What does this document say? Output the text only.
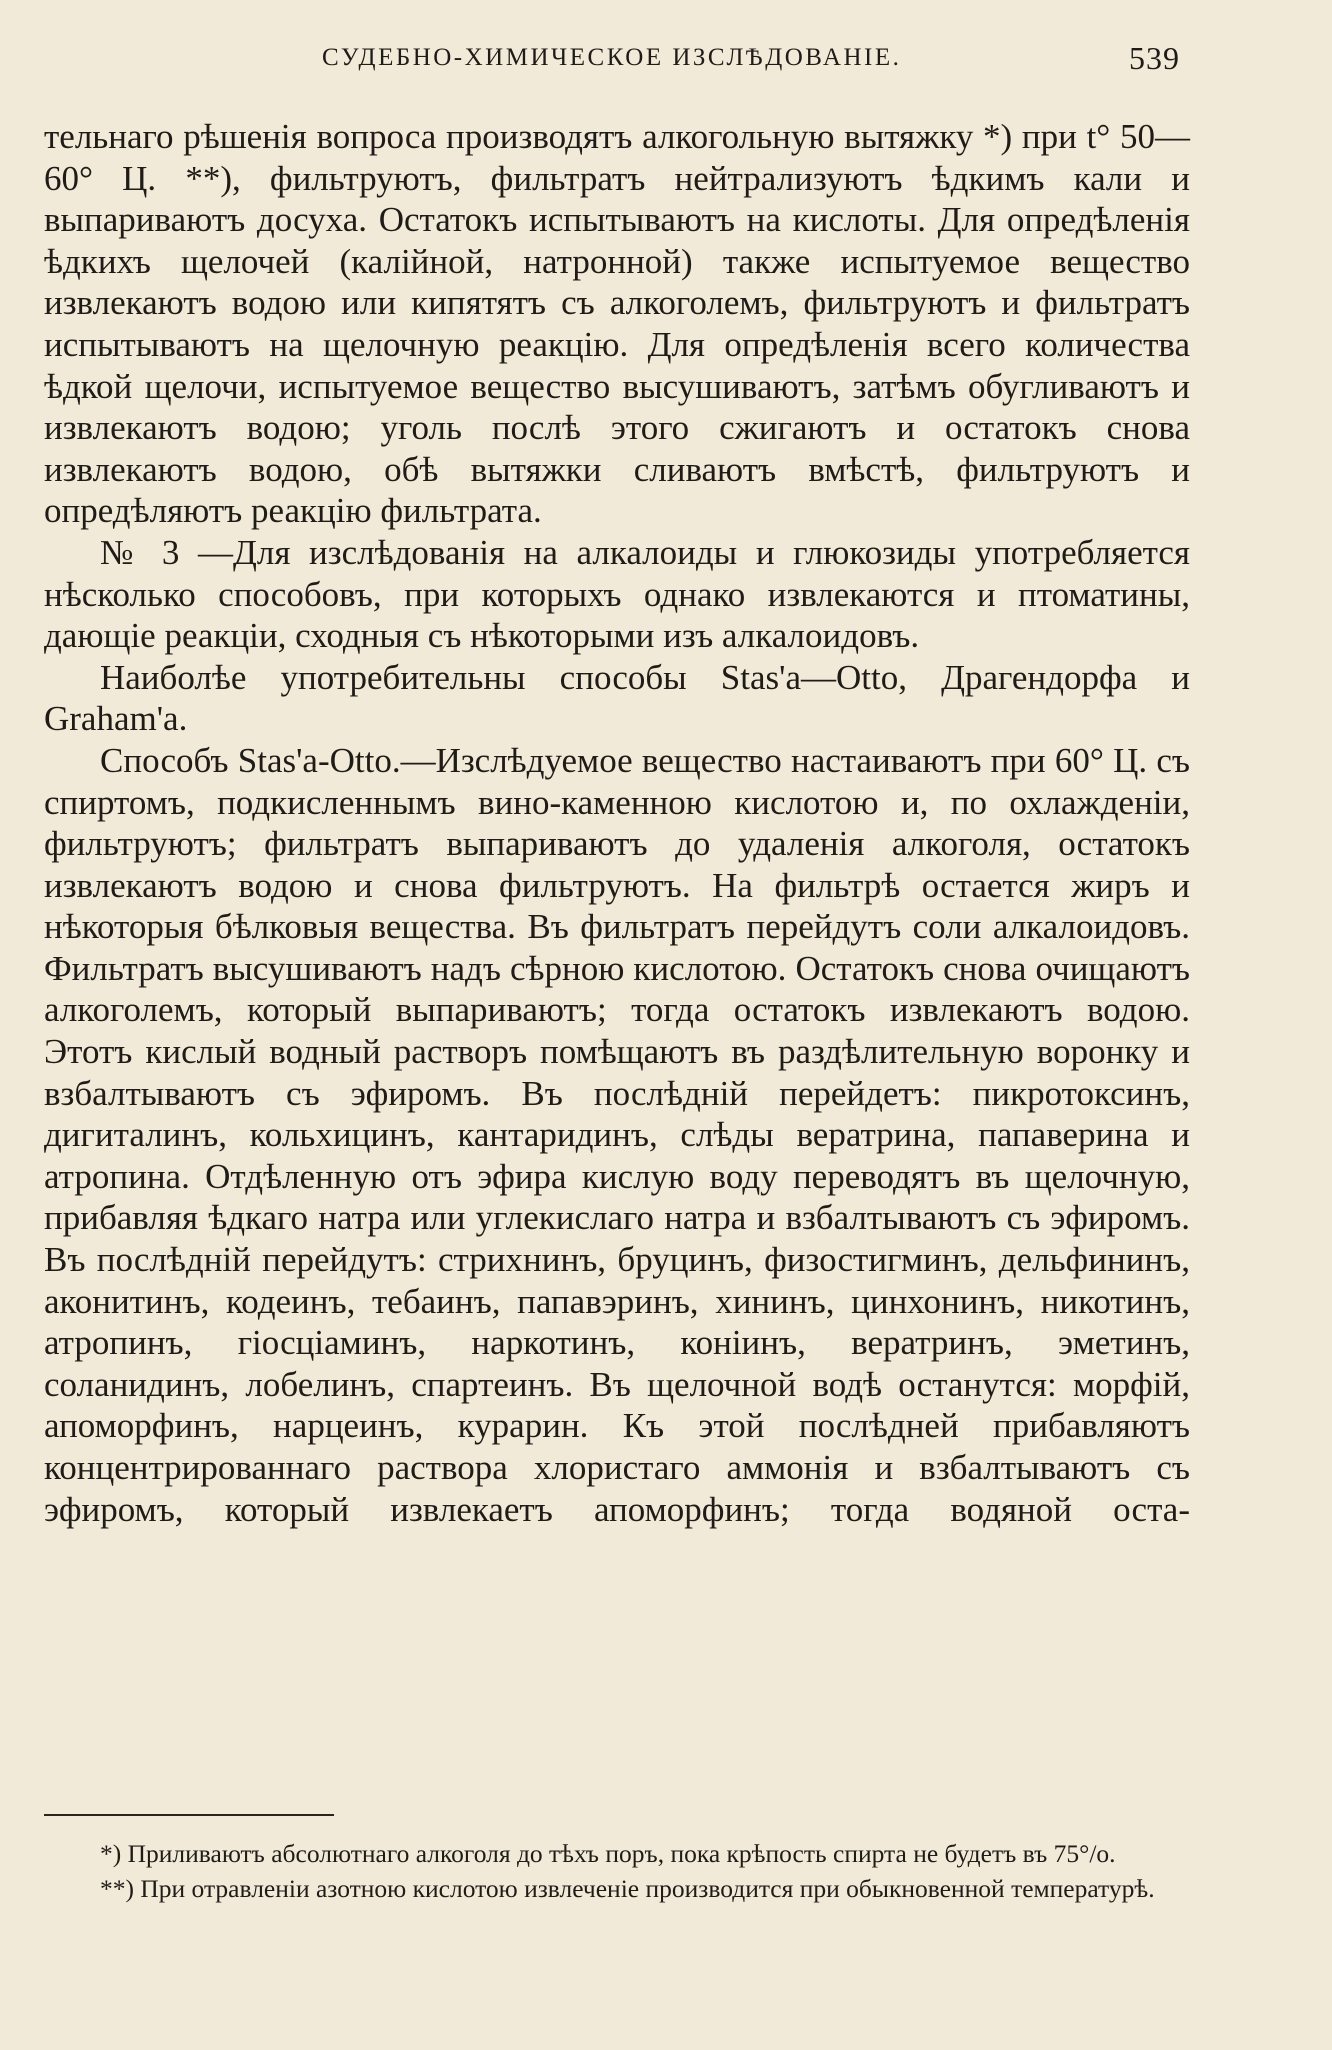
СУДЕБНО-ХИМИЧЕСКОЕ ИЗСЛѢДОВАНІЕ.	539

тельнаго рѣшенія вопроса производятъ алкогольную вытяжку *) при t° 50—60° Ц. **), фильтруютъ, фильтратъ нейтрализуютъ ѣдкимъ кали и выпариваютъ досуха. Остатокъ испытываютъ на кислоты. Для опредѣленія ѣдкихъ щелочей (калійной, натронной) также испытуемое вещество извлекаютъ водою или кипятятъ съ алкоголемъ, фильтруютъ и фильтратъ испытываютъ на щелочную реакцію. Для опредѣленія всего количества ѣдкой щелочи, испытуемое вещество высушиваютъ, затѣмъ обугливаютъ и извлекаютъ водою; уголь послѣ этого сжигаютъ и остатокъ снова извлекаютъ водою, обѣ вытяжки сливаютъ вмѣстѣ, фильтруютъ и опредѣляютъ реакцію фильтрата.

№ 3 —Для изслѣдованія на алкалоиды и глюкозиды употребляется нѣсколько способовъ, при которыхъ однако извлекаются и птоматины, дающіе реакціи, сходныя съ нѣкоторыми изъ алкалоидовъ.

Наиболѣе употребительны способы Stas'a—Otto, Драгендорфа и Graham'a.

Способъ Stas'a-Otto.—Изслѣдуемое вещество настаиваютъ при 60° Ц. съ спиртомъ, подкисленнымъ вино-каменною кислотою и, по охлажденіи, фильтруютъ; фильтратъ выпариваютъ до удаленія алкоголя, остатокъ извлекаютъ водою и снова фильтруютъ. На фильтрѣ остается жиръ и нѣкоторыя бѣлковыя вещества. Въ фильтратъ перейдутъ соли алкалоидовъ. Фильтратъ высушиваютъ надъ сѣрною кислотою. Остатокъ снова очищаютъ алкоголемъ, который выпариваютъ; тогда остатокъ извлекаютъ водою. Этотъ кислый водный растворъ помѣщаютъ въ раздѣлительную воронку и взбалтываютъ съ эфиромъ. Въ послѣдній перейдетъ: пикротоксинъ, дигиталинъ, кольхицинъ, кантаридинъ, слѣды вератрина, папаверина и атропина. Отдѣленную отъ эфира кислую воду переводятъ въ щелочную, прибавляя ѣдкаго натра или углекислаго натра и взбалтываютъ съ эфиромъ. Въ послѣдній перейдутъ: стрихнинъ, бруцинъ, физостигминъ, дельфининъ, аконитинъ, кодеинъ, тебаинъ, папавэринъ, хининъ, цинхонинъ, никотинъ, атропинъ, гіосціаминъ, наркотинъ, коніинъ, вератринъ, эметинъ, соланидинъ, лобелинъ, спартеинъ. Въ щелочной водѣ останутся: морфій, апоморфинъ, нарцеинъ, курарин. Къ этой послѣдней прибавляютъ концентрированнаго раствора хлористаго аммонія и взбалтываютъ съ эфиромъ, который извлекаетъ апоморфинъ; тогда водяной оста-

*) Приливаютъ абсолютнаго алкоголя до тѣхъ поръ, пока крѣпость спирта не будетъ въ 75°/о.

**) При отравленіи азотною кислотою извлеченіе производится при обыкновенной температурѣ.
